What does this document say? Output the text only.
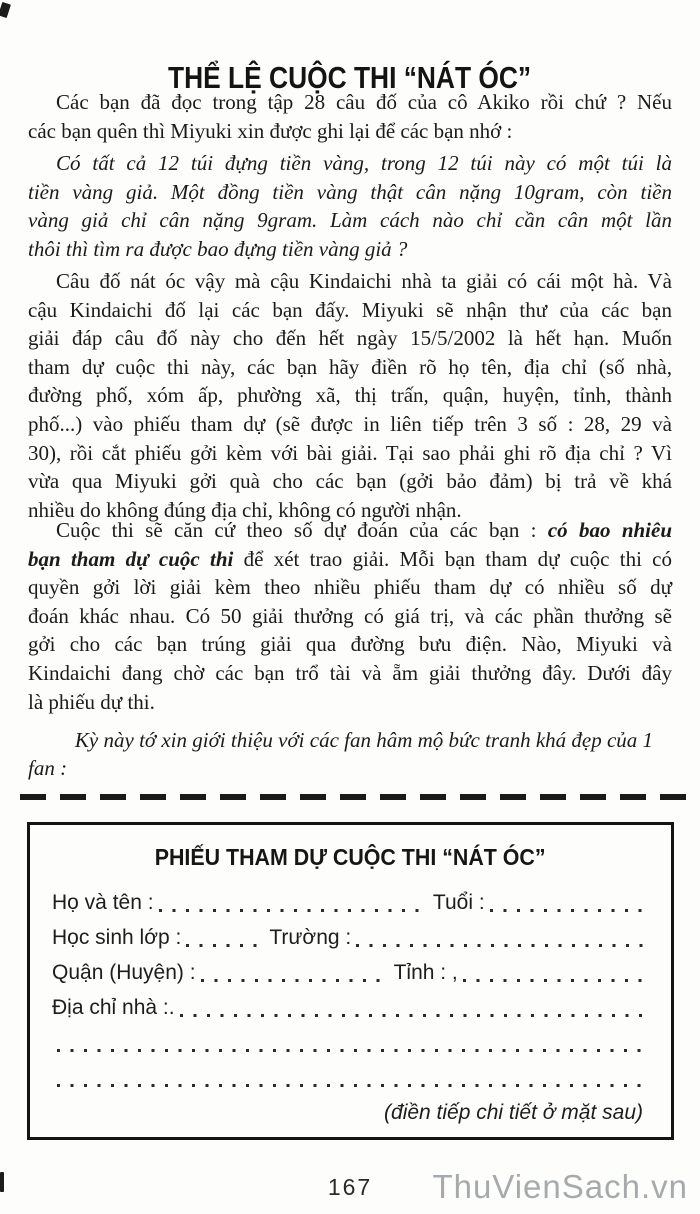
THỂ LỆ CUỘC THI “NÁT ÓC”
Các bạn đã đọc trong tập 28 câu đố của cô Akiko rồi chứ ? Nếu
các bạn quên thì Miyuki xin được ghi lại để các bạn nhớ :
Có tất cả 12 túi đựng tiền vàng, trong 12 túi này có một túi là
tiền vàng giả. Một đồng tiền vàng thật cân nặng 10gram, còn tiền
vàng giả chỉ cân nặng 9gram. Làm cách nào chỉ cần cân một lần
thôi thì tìm ra được bao đựng tiền vàng giả ?
Câu đố nát óc vậy mà cậu Kindaichi nhà ta giải có cái một hà. Và
cậu Kindaichi đố lại các bạn đấy. Miyuki sẽ nhận thư của các bạn
giải đáp câu đố này cho đến hết ngày 15/5/2002 là hết hạn. Muốn
tham dự cuộc thi này, các bạn hãy điền rõ họ tên, địa chỉ (số nhà,
đường phố, xóm ấp, phường xã, thị trấn, quận, huyện, tỉnh, thành
phố...) vào phiếu tham dự (sẽ được in liên tiếp trên 3 số : 28, 29 và
30), rồi cắt phiếu gởi kèm với bài giải. Tại sao phải ghi rõ địa chỉ ? Vì
vừa qua Miyuki gởi quà cho các bạn (gởi bảo đảm) bị trả về khá
nhiều do không đúng địa chỉ, không có người nhận.
Cuộc thi sẽ căn cứ theo số dự đoán của các bạn : có bao nhiêu
bạn tham dự cuộc thi để xét trao giải. Mỗi bạn tham dự cuộc thi có
quyền gởi lời giải kèm theo nhiều phiếu tham dự có nhiều số dự
đoán khác nhau. Có 50 giải thưởng có giá trị, và các phần thưởng sẽ
gởi cho các bạn trúng giải qua đường bưu điện. Nào, Miyuki và
Kindaichi đang chờ các bạn trổ tài và ẵm giải thưởng đây. Dưới đây
là phiếu dự thi.
Kỳ này tớ xin giới thiệu với các fan hâm mộ bức tranh khá đẹp của 1
fan :
PHIẾU THAM DỰ CUỘC THI “NÁT ÓC”
Họ và tên :	Tuổi :
Học sinh lớp :	Trường :
Quận (Huyện) :	Tỉnh : ,
Địa chỉ nhà :.
(điền tiếp chi tiết ở mặt sau)
167	ThuVienSach.vn
